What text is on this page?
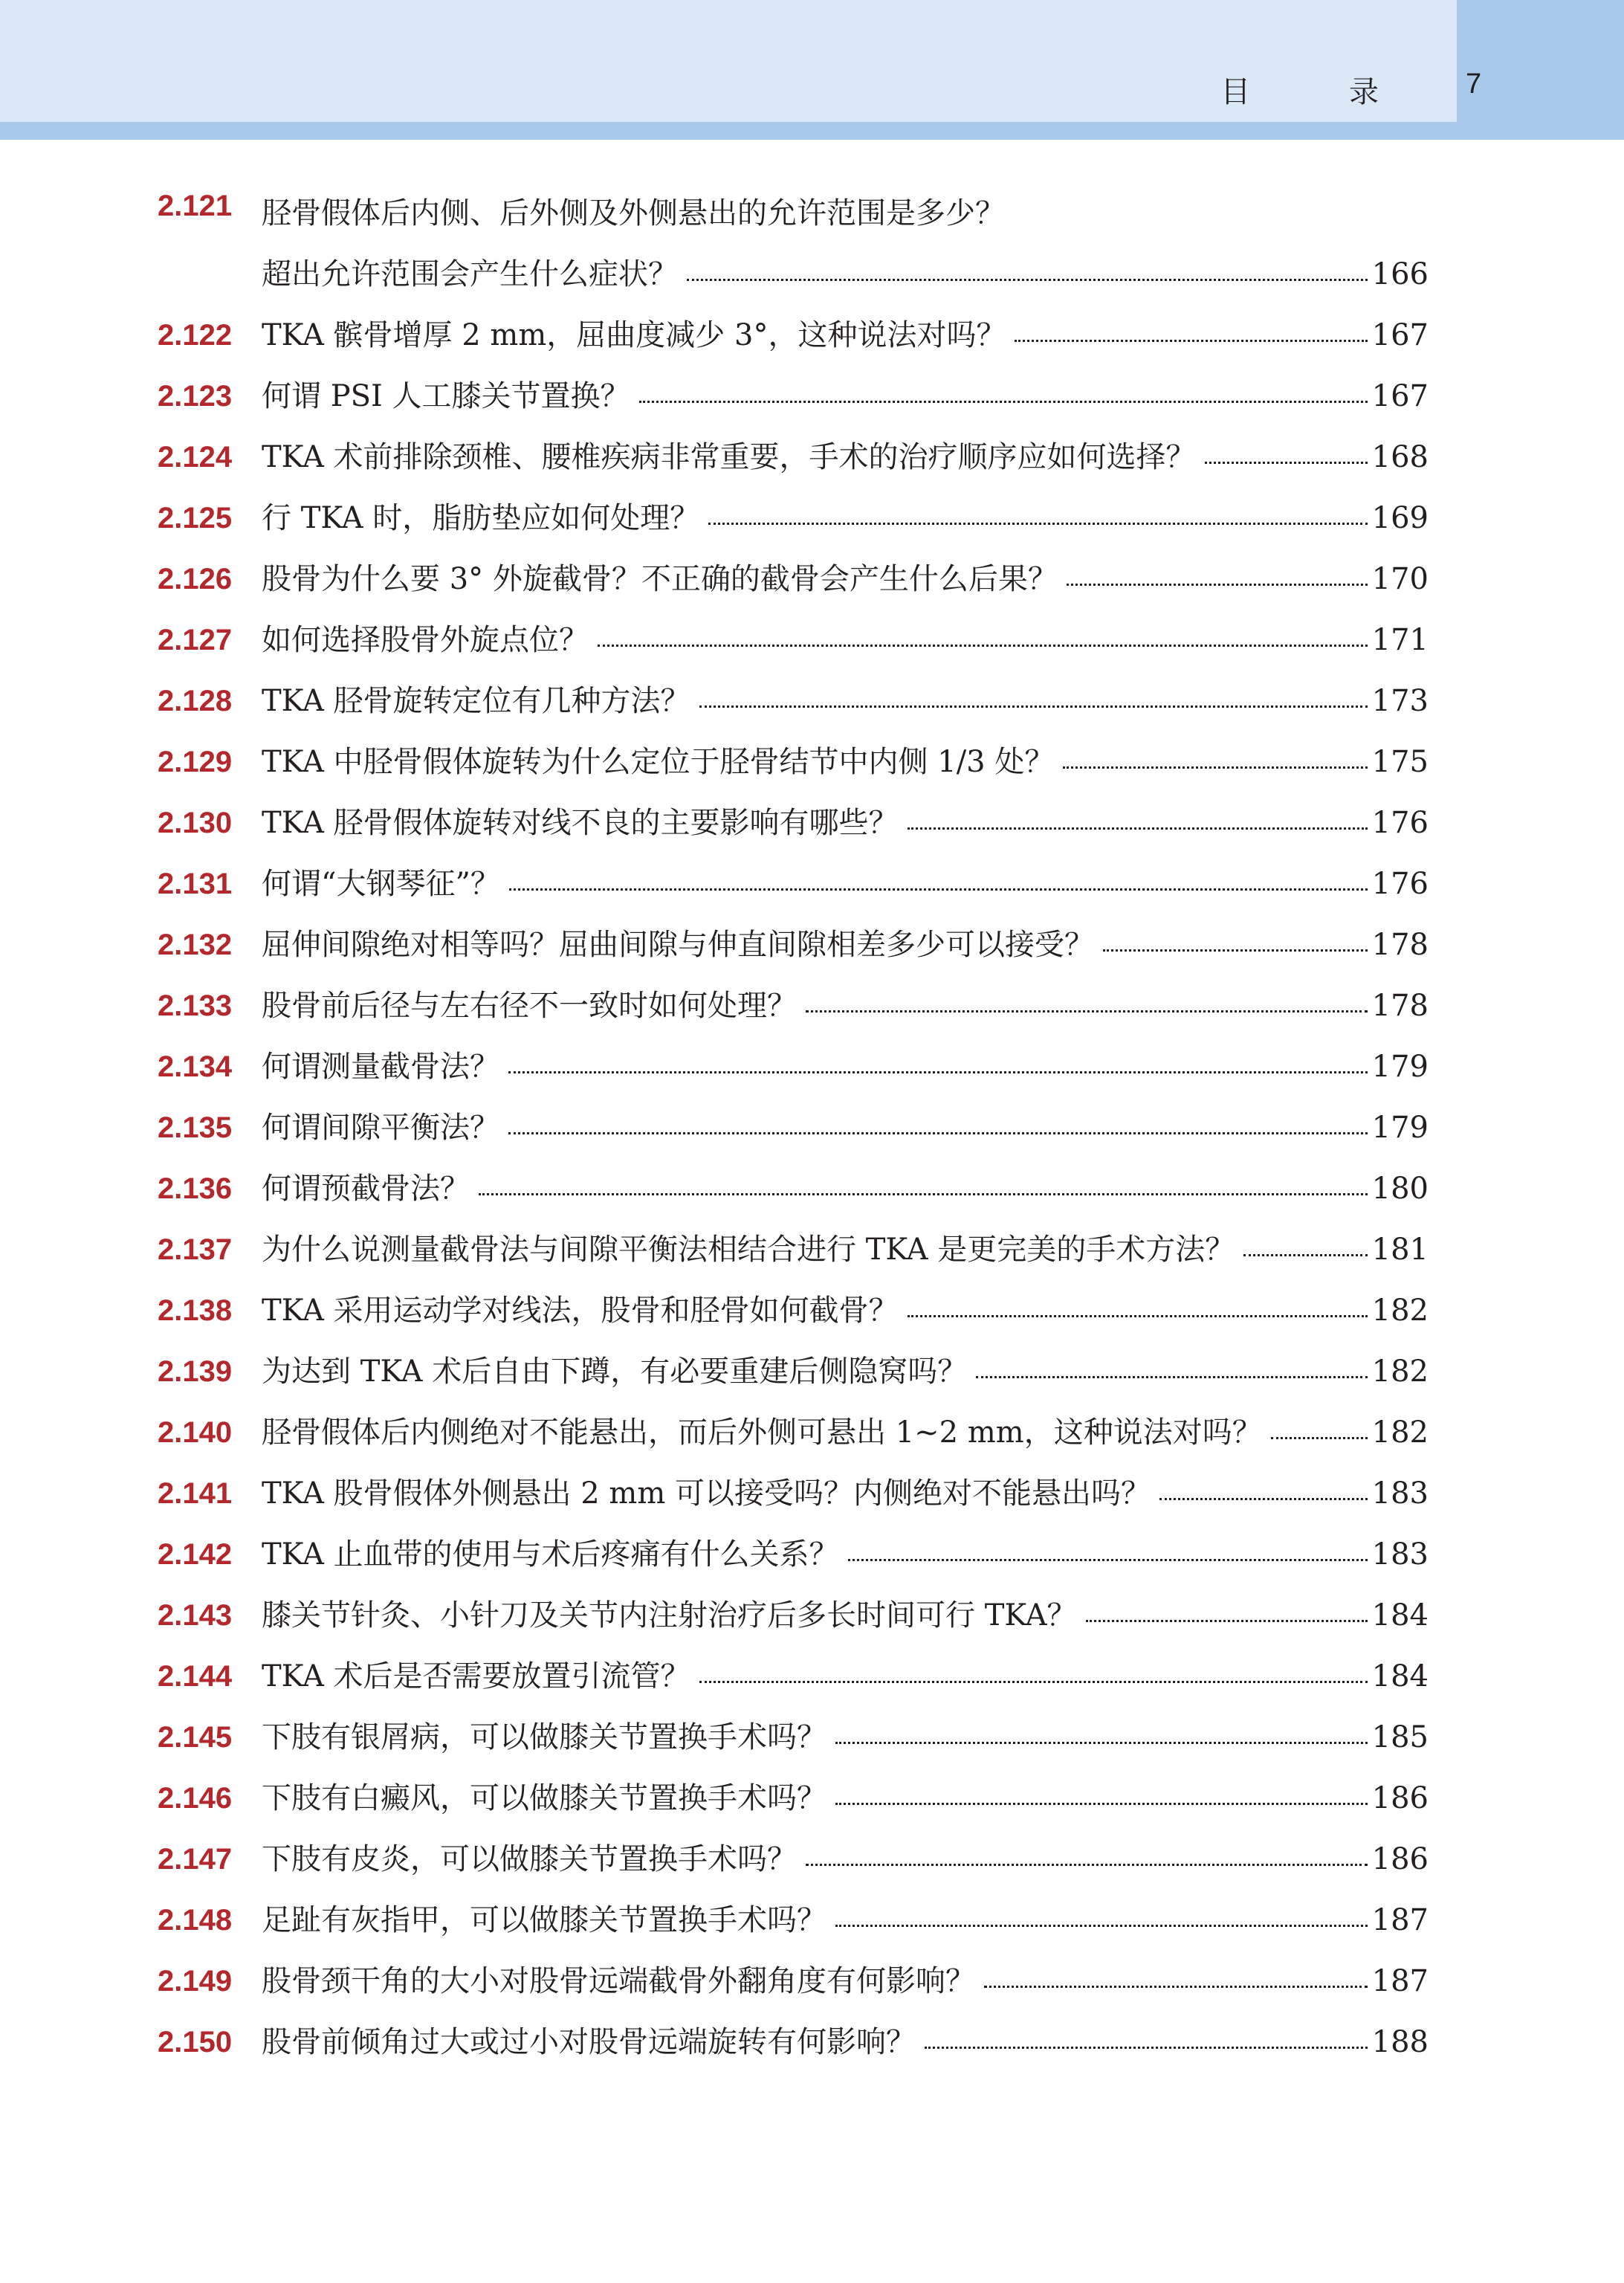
目 录 7
2.121 胫骨假体后内侧、后外侧及外侧悬出的允许范围是多少？
超出允许范围会产生什么症状？	166
2.122 TKA 髌骨增厚 2 mm，屈曲度减少 3°，这种说法对吗？	167
2.123 何谓 PSI 人工膝关节置换？	167
2.124 TKA 术前排除颈椎、腰椎疾病非常重要，手术的治疗顺序应如何选择？	168
2.125 行 TKA 时，脂肪垫应如何处理？	169
2.126 股骨为什么要 3° 外旋截骨？不正确的截骨会产生什么后果？	170
2.127 如何选择股骨外旋点位？	171
2.128 TKA 胫骨旋转定位有几种方法？	173
2.129 TKA 中胫骨假体旋转为什么定位于胫骨结节中内侧 1/3 处？	175
2.130 TKA 胫骨假体旋转对线不良的主要影响有哪些？	176
2.131 何谓“大钢琴征”？	176
2.132 屈伸间隙绝对相等吗？屈曲间隙与伸直间隙相差多少可以接受？	178
2.133 股骨前后径与左右径不一致时如何处理？	178
2.134 何谓测量截骨法？	179
2.135 何谓间隙平衡法？	179
2.136 何谓预截骨法？	180
2.137 为什么说测量截骨法与间隙平衡法相结合进行 TKA 是更完美的手术方法？	181
2.138 TKA 采用运动学对线法，股骨和胫骨如何截骨？	182
2.139 为达到 TKA 术后自由下蹲，有必要重建后侧隐窝吗？	182
2.140 胫骨假体后内侧绝对不能悬出，而后外侧可悬出 1~2 mm，这种说法对吗？	182
2.141 TKA 股骨假体外侧悬出 2 mm 可以接受吗？内侧绝对不能悬出吗？	183
2.142 TKA 止血带的使用与术后疼痛有什么关系？	183
2.143 膝关节针灸、小针刀及关节内注射治疗后多长时间可行 TKA？	184
2.144 TKA 术后是否需要放置引流管？	184
2.145 下肢有银屑病，可以做膝关节置换手术吗？	185
2.146 下肢有白癜风，可以做膝关节置换手术吗？	186
2.147 下肢有皮炎，可以做膝关节置换手术吗？	186
2.148 足趾有灰指甲，可以做膝关节置换手术吗？	187
2.149 股骨颈干角的大小对股骨远端截骨外翻角度有何影响？	187
2.150 股骨前倾角过大或过小对股骨远端旋转有何影响？	188
